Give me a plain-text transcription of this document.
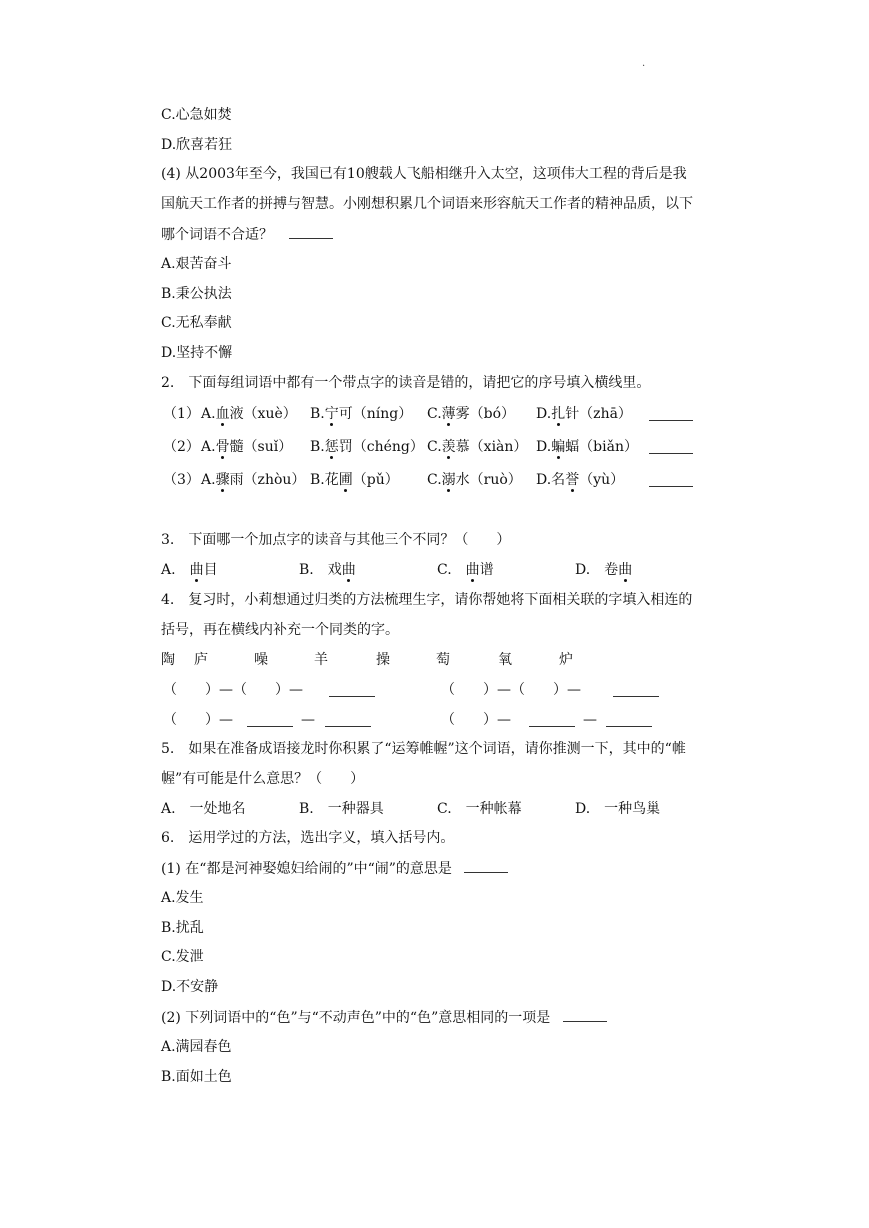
.
C.心急如焚
D.欣喜若狂
(4) 从2003年至今，我国已有10艘载人飞船相继升入太空，这项伟大工程的背后是我
国航天工作者的拼搏与智慧。小刚想积累几个词语来形容航天工作者的精神品质，以下
哪个词语不合适？
A.艰苦奋斗
B.秉公执法
C.无私奉献
D.坚持不懈
2.　下面每组词语中都有一个带点字的读音是错的，请把它的序号填入横线里。
（1） A.血液（xuè） B.宁可（níng） C.薄雾（bó） D.扎针（zhā）
（2） A.骨髓（suǐ） B.惩罚（chéng） C.羡慕（xiàn） D.蝙蝠（biǎn）
（3） A.骤雨（zhòu） B.花圃（pǔ） C.溺水（ruò） D.名誉（yù）
3.　下面哪一个加点字的读音与其他三个不同？（　　）
A.　曲目	B.　戏曲	C.　曲谱	D.　卷曲
4.　复习时，小莉想通过归类的方法梳理生字，请你帮她将下面相关联的字填入相连的
括号，再在横线内补充一个同类的字。
陶 庐	噪	羊	操	萄	氧	炉
（　　）—（　　）—	（　　）—（　　）—
（　　）—	—	（　　）—	—
5.　如果在准备成语接龙时你积累了“运筹帷幄”这个词语，请你推测一下，其中的“帷
幄”有可能是什么意思？（　　）
A.　一处地名	B.　一种器具	C.　一种帐幕	D.　一种鸟巢
6.　运用学过的方法，选出字义，填入括号内。
(1) 在“都是河神娶媳妇给闹的”中“闹”的意思是
A.发生
B.扰乱
C.发泄
D.不安静
(2) 下列词语中的“色”与“不动声色”中的“色”意思相同的一项是
A.满园春色
B.面如土色
